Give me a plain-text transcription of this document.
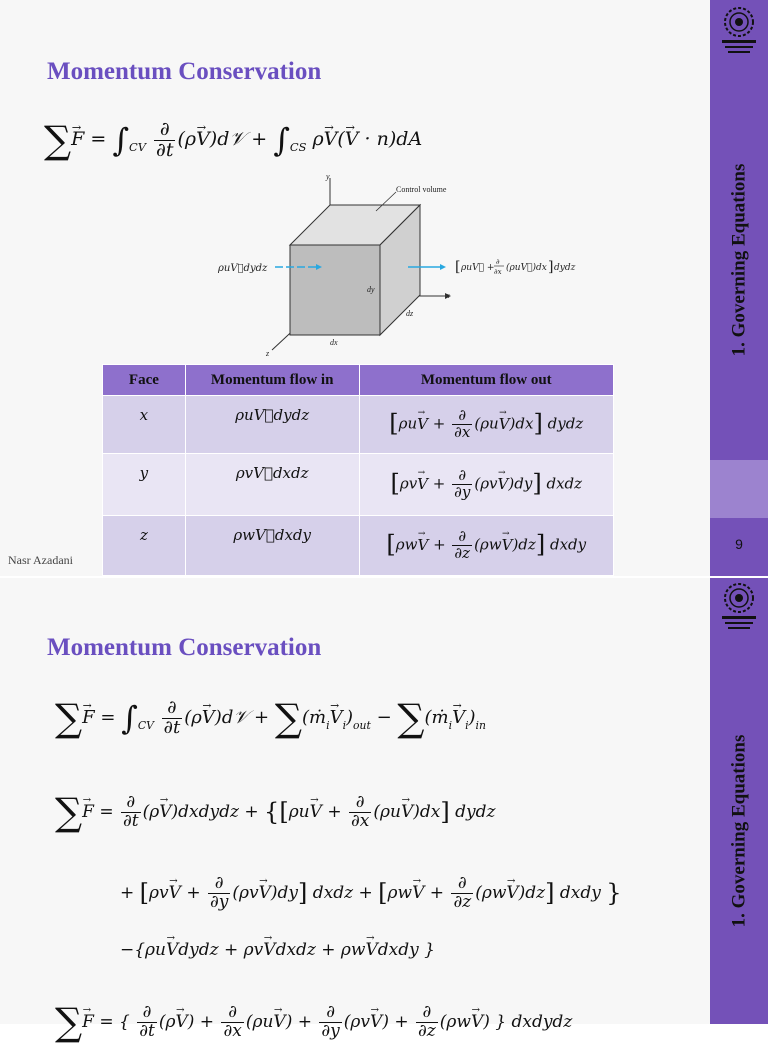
1. Governing Equations
9
Momentum Conservation
∑→ $F = \int_{CV} \frac{\partial}{\partial t} (\rho\to$ V)d𝒱 + $\int_{CS}$ ρ→ V(→ V · n)dA
Control volume
y
x
z
dx
dy
dz
ρuV⃗dydz	[ ρuV⃗ +
∂
∂x (ρuV⃗)dx ] dydz
Face	Momentum flow in	Momentum flow out
x	ρuV⃗dydz	$[\rho u\to V + \frac{\partial}{\partial x} (\rho u\to V)dx]$ dydz
y	ρvV⃗dxdz	$[\rho v\to V + \frac{\partial}{\partial y} (\rho v\to V)dy]$ dxdz
z	ρwV⃗dxdy	$[\rho w\to V + \frac{\partial}{\partial z} (\rho w\to V)dz]$ dxdy
Nasr Azadani
1. Governing Equations
Momentum Conservation
∑→ $F = \int_{CV} \frac{\partial}{\partial t} (\rho\to$ V)d𝒱 + ∑(ṁ$_i$→ $V_i)_{out}$ − ∑(ṁ$_i$→ $V_i)_{in}$
∑→ $F = \frac{\partial}{\partial t} (\rho\to$ V)dxdydz + {$[\rho u\to V + \frac{\partial}{\partial x} (\rho u\to V)dx]$ dydz
+ $[\rho v\to V + \frac{\partial}{\partial y} (\rho v\to V)dy]$ dxdz + $[\rho w\to V + \frac{\partial}{\partial z} (\rho w\to V)dz]$ dxdy }
−{ρu→ Vdydz + ρv→ Vdxdz + ρw→ Vdxdy }
∑→ F = { $\frac{\partial}{\partial t} (\rho\to V) + \frac{\partial}{\partial x} (\rho u\to V) + \frac{\partial}{\partial y} (\rho v\to V) + \frac{\partial}{\partial z} (\rho w\to V)$ } dxdydz
